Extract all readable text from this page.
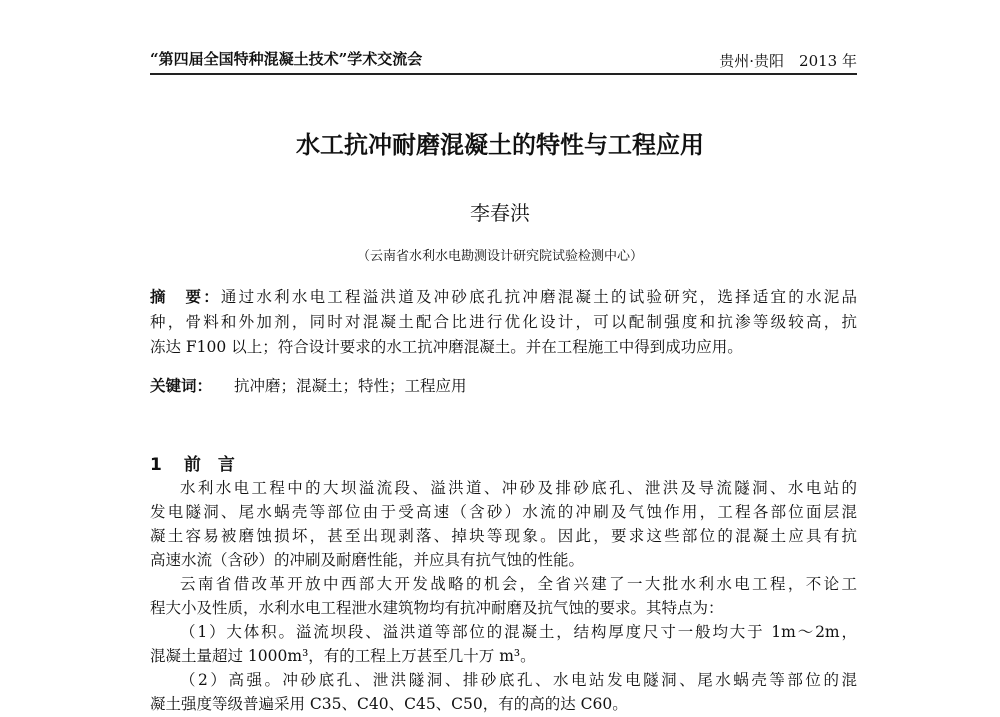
“第四届全国特种混凝土技术”学术交流会	贵州·贵阳　2013 年
水工抗冲耐磨混凝土的特性与工程应用
李春洪
（云南省水利水电勘测设计研究院试验检测中心）
摘　要：通过水利水电工程溢洪道及冲砂底孔抗冲磨混凝土的试验研究，选择适宜的水泥品
种，骨料和外加剂，同时对混凝土配合比进行优化设计，可以配制强度和抗渗等级较高，抗
冻达 F100 以上；符合设计要求的水工抗冲磨混凝土。并在工程施工中得到成功应用。
关键词： 抗冲磨；混凝土；特性；工程应用
1 前　言
水利水电工程中的大坝溢流段、溢洪道、冲砂及排砂底孔、泄洪及导流隧洞、水电站的
发电隧洞、尾水蜗壳等部位由于受高速（含砂）水流的冲刷及气蚀作用，工程各部位面层混
凝土容易被磨蚀损坏，甚至出现剥落、掉块等现象。因此，要求这些部位的混凝土应具有抗
高速水流（含砂）的冲刷及耐磨性能，并应具有抗气蚀的性能。
云南省借改革开放中西部大开发战略的机会，全省兴建了一大批水利水电工程，不论工
程大小及性质，水利水电工程泄水建筑物均有抗冲耐磨及抗气蚀的要求。其特点为：
（1）大体积。溢流坝段、溢洪道等部位的混凝土，结构厚度尺寸一般均大于 1m～2m，
混凝土量超过 1000m³，有的工程上万甚至几十万 m³。
（2）高强。冲砂底孔、泄洪隧洞、排砂底孔、水电站发电隧洞、尾水蜗壳等部位的混
凝土强度等级普遍采用 C35、C40、C45、C50，有的高的达 C60。
